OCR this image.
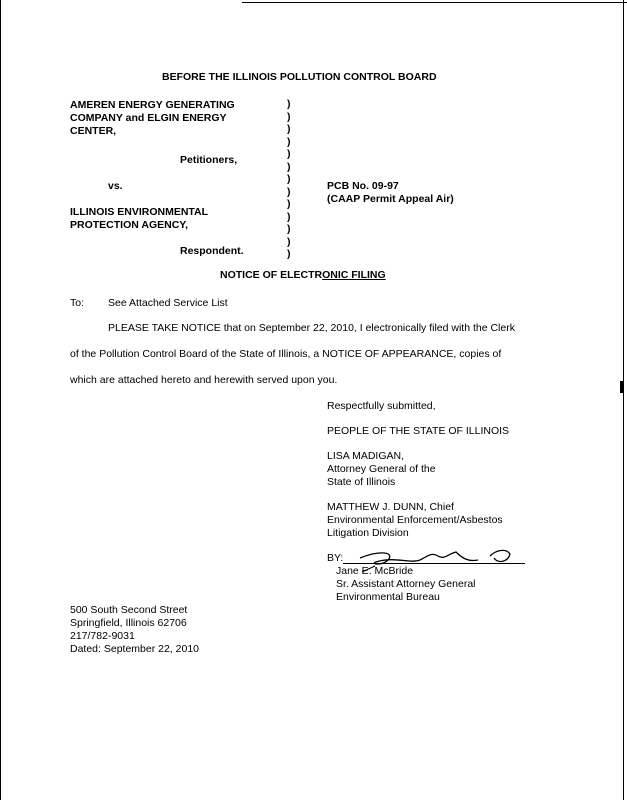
BEFORE THE ILLINOIS POLLUTION CONTROL BOARD
AMEREN ENERGY GENERATING
COMPANY and ELGIN ENERGY
CENTER,
Petitioners,
vs.
ILLINOIS ENVIRONMENTAL
PROTECTION AGENCY,
Respondent.
)
)
)
)
)
)
)
)
)
)
)
)
)
PCB No. 09-97
(CAAP Permit Appeal Air)
NOTICE OF ELECTRONIC FILING
To: See Attached Service List
PLEASE TAKE NOTICE that on September 22, 2010, I electronically filed with the Clerk
of the Pollution Control Board of the State of Illinois, a NOTICE OF APPEARANCE, copies of
which are attached hereto and herewith served upon you.
Respectfully submitted,
PEOPLE OF THE STATE OF ILLINOIS
LISA MADIGAN,
Attorney General of the
State of Illinois
MATTHEW J. DUNN, Chief
Environmental Enforcement/Asbestos
Litigation Division
BY:
Jane E. McBride
Sr. Assistant Attorney General
Environmental Bureau
500 South Second Street
Springfield, Illinois 62706
217/782-9031
Dated: September 22, 2010
